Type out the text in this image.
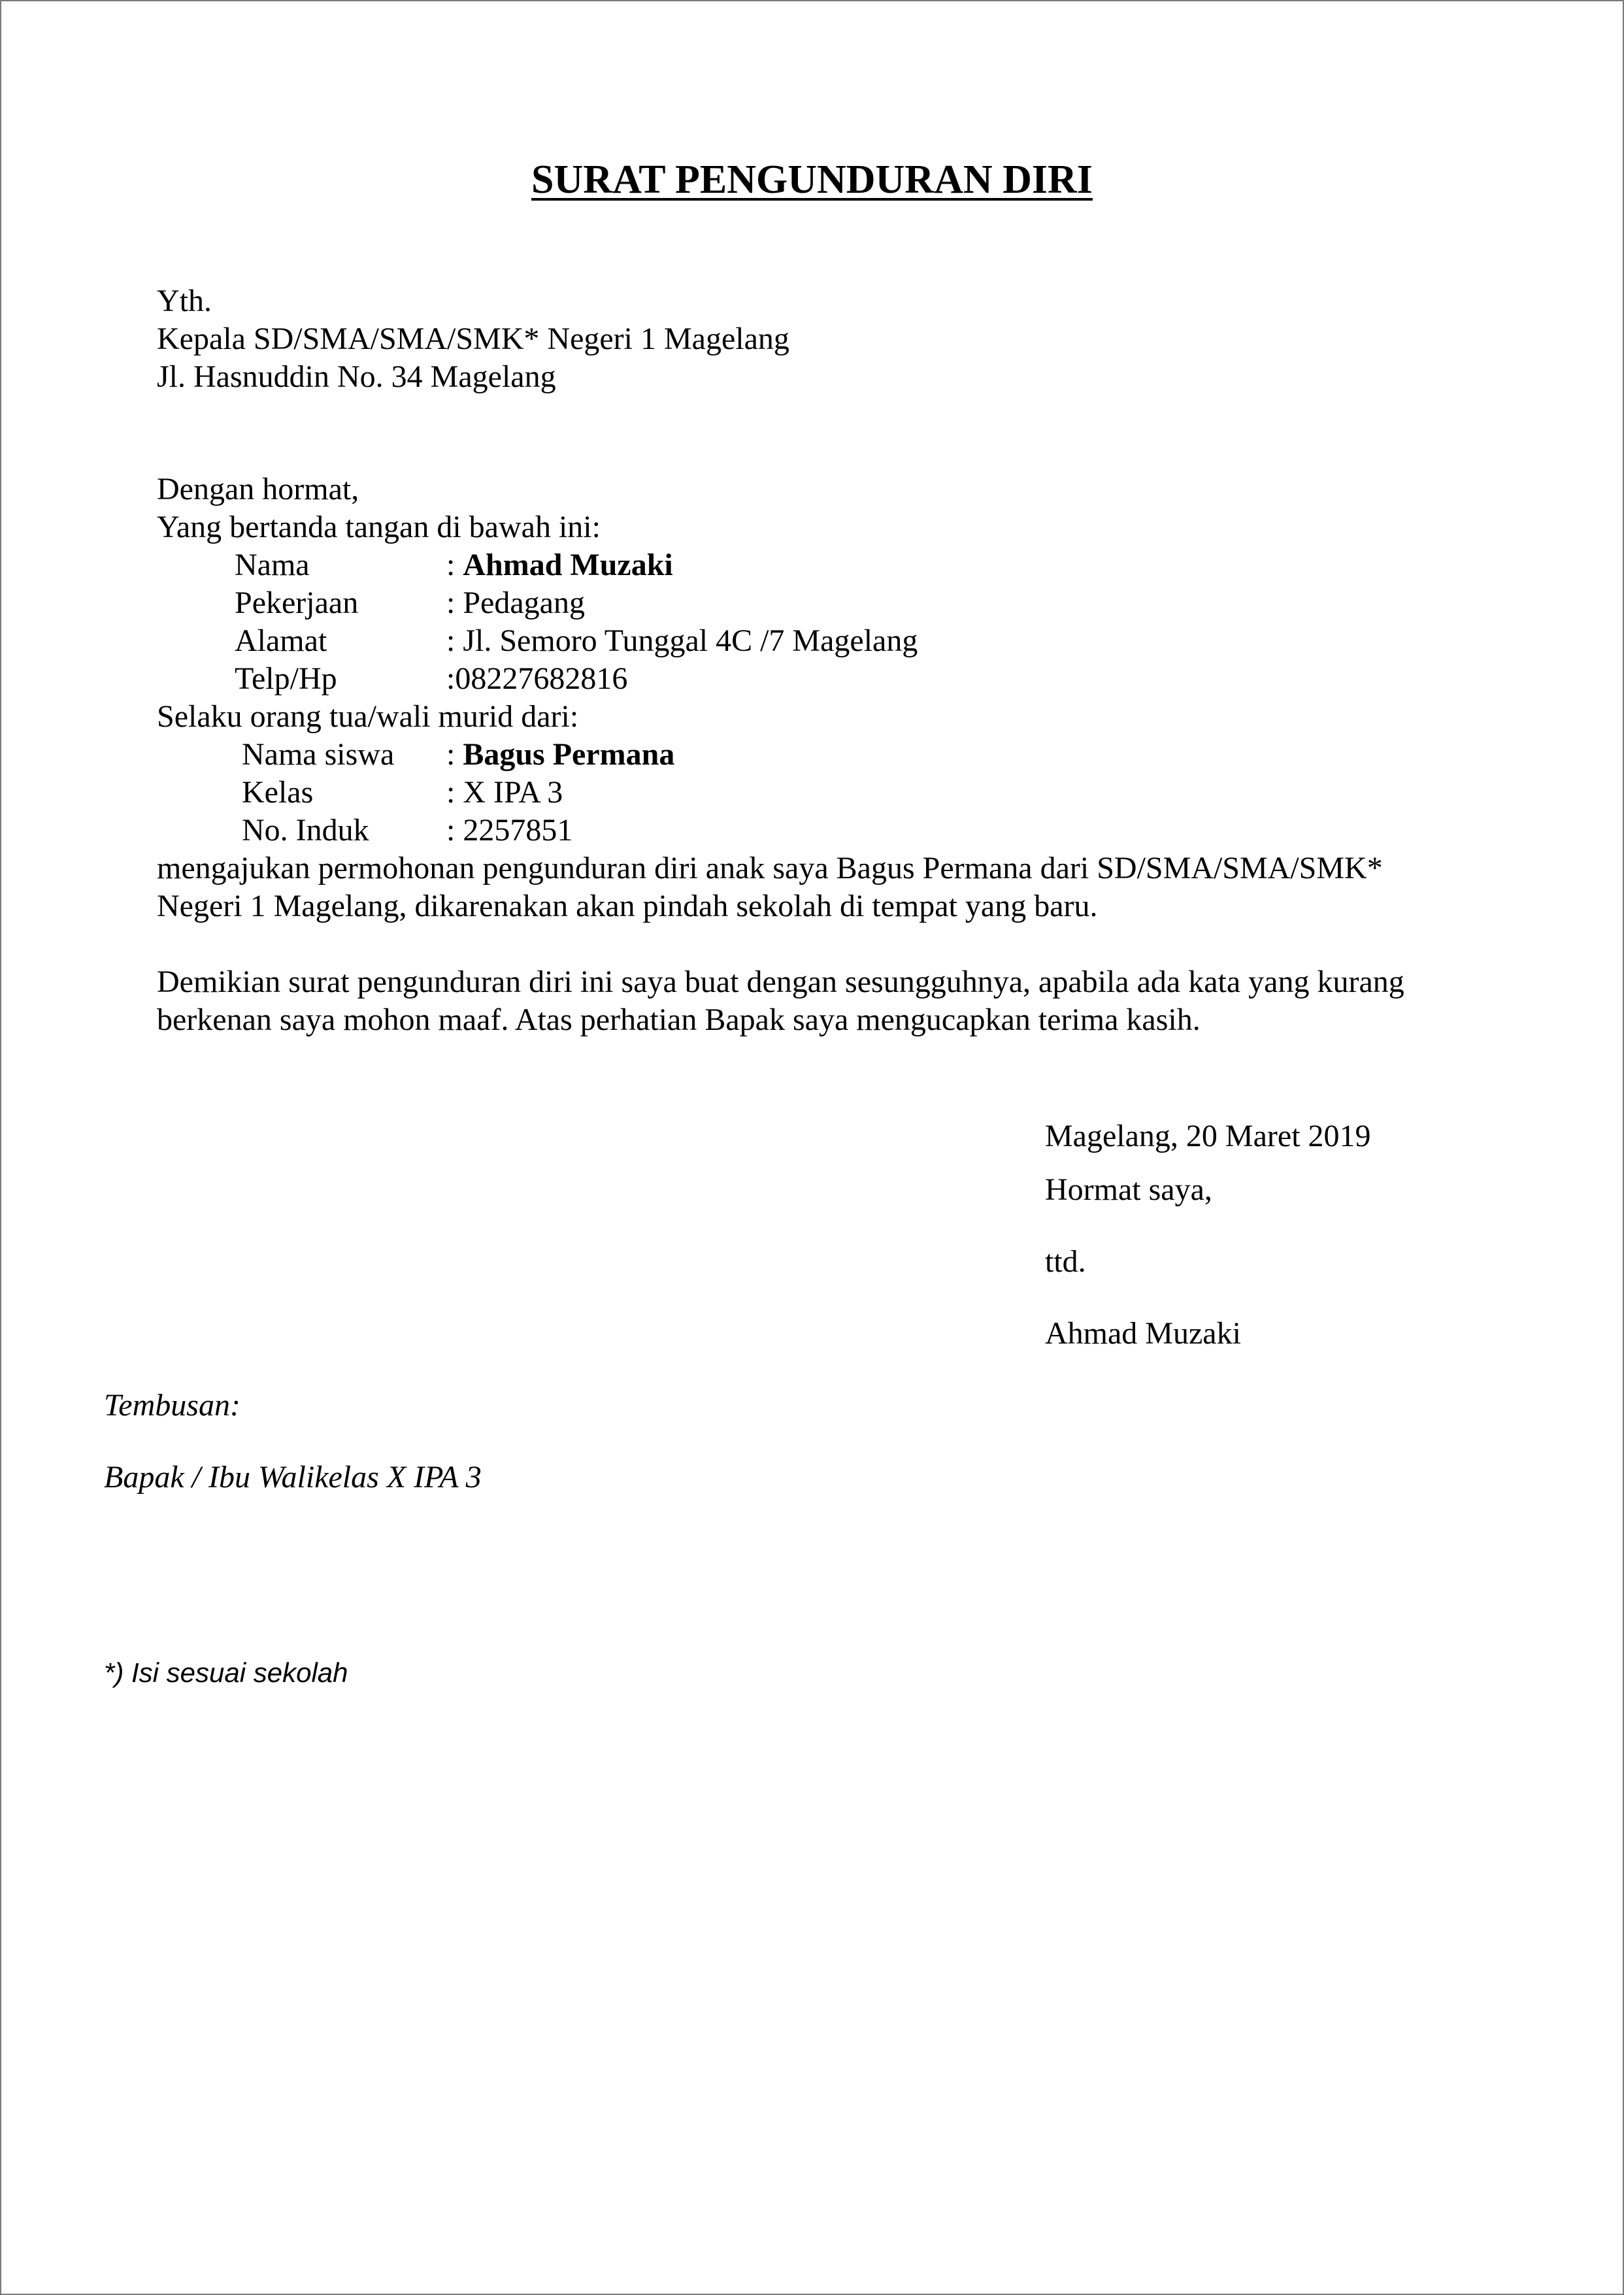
SURAT PENGUNDURAN DIRI
Yth.
Kepala SD/SMA/SMA/SMK* Negeri 1 Magelang
Jl. Hasnuddin No. 34 Magelang
Dengan hormat,
Yang bertanda tangan di bawah ini:
Nama	: Ahmad Muzaki
Pekerjaan	: Pedagang
Alamat	: Jl. Semoro Tunggal 4C /7 Magelang
Telp/Hp	:08227682816
Selaku orang tua/wali murid dari:
Nama siswa : Bagus Permana
Kelas	: X IPA 3
No. Induk : 2257851
mengajukan permohonan pengunduran diri anak saya Bagus Permana dari SD/SMA/SMA/SMK*
Negeri 1 Magelang, dikarenakan akan pindah sekolah di tempat yang baru.
Demikian surat pengunduran diri ini saya buat dengan sesungguhnya, apabila ada kata yang kurang
berkenan saya mohon maaf. Atas perhatian Bapak saya mengucapkan terima kasih.
Magelang, 20 Maret 2019
Hormat saya,
ttd.
Ahmad Muzaki
Tembusan:
Bapak / Ibu Walikelas X IPA 3
*) Isi sesuai sekolah
